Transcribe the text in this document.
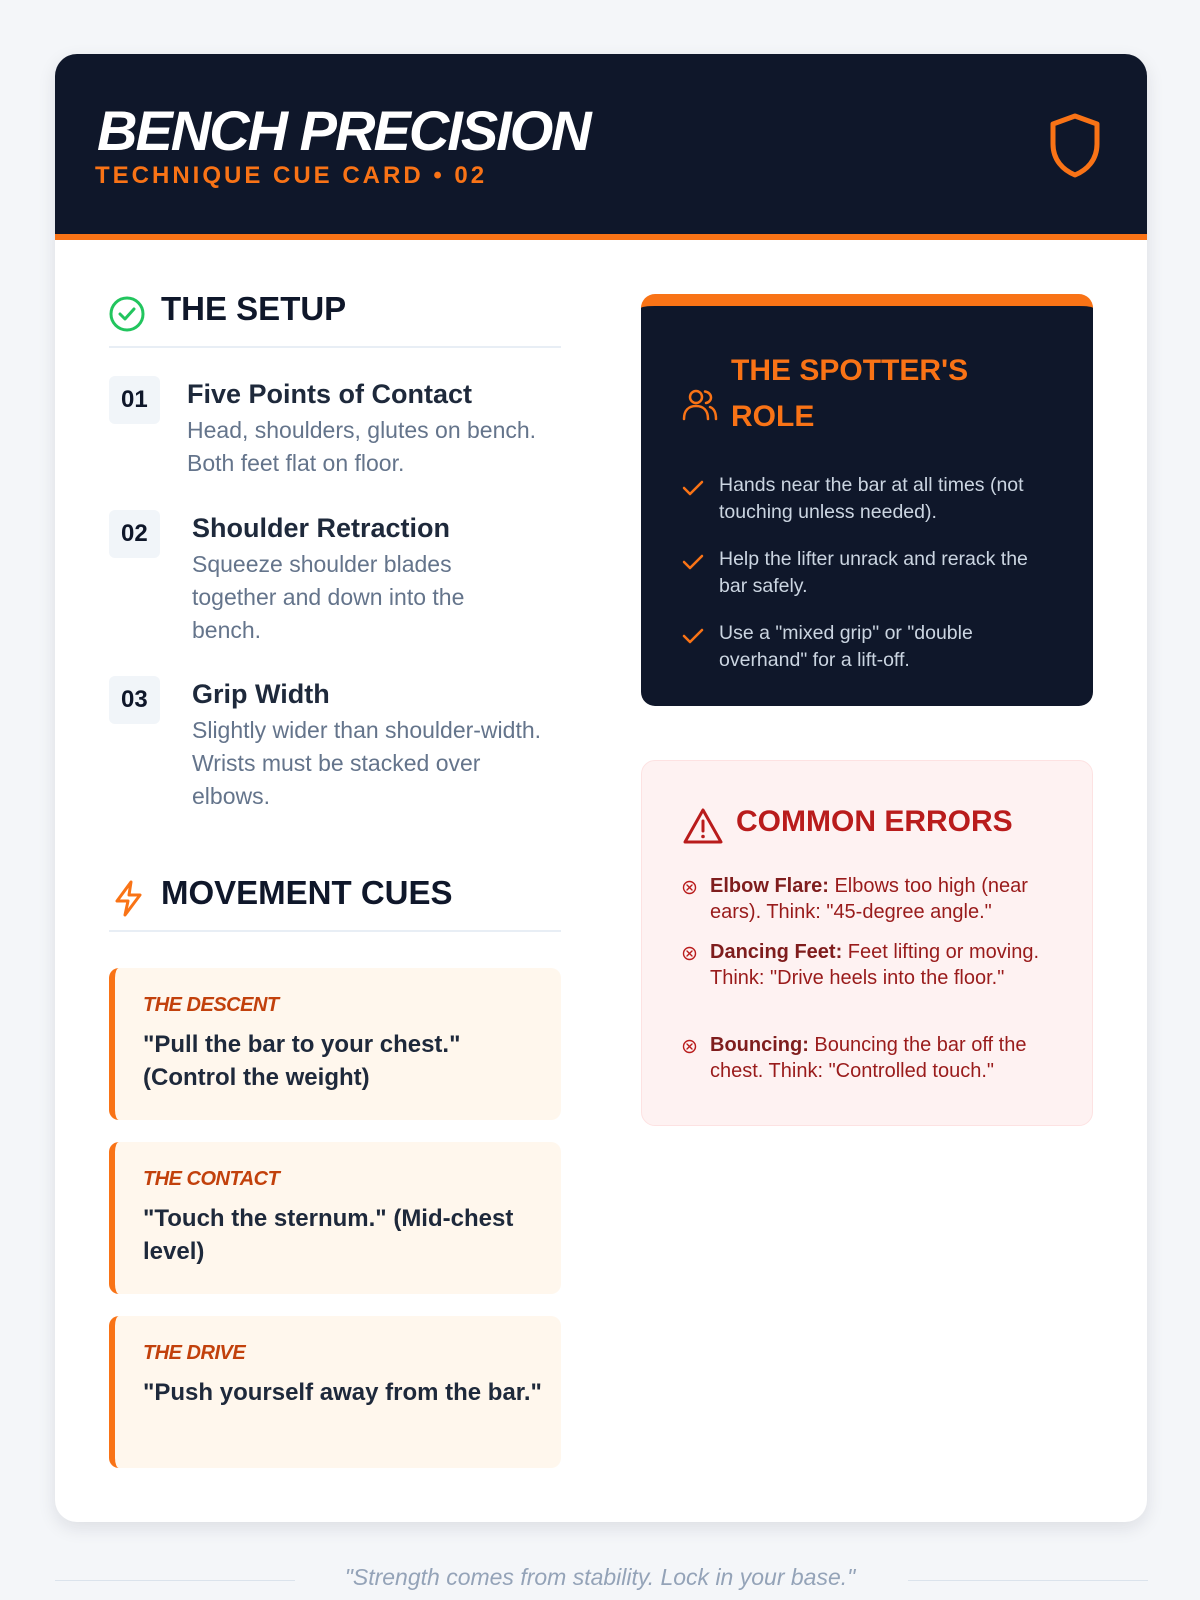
BENCH PRECISION
TECHNIQUE CUE CARD • 02
THE SETUP
01	Five Points of Contact
Head, shoulders, glutes on bench. Both feet flat on floor.
02	Shoulder Retraction
Squeeze shoulder blades together and down into the bench.
03	Grip Width
Slightly wider than shoulder-width. Wrists must be stacked over elbows.
MOVEMENT CUES
THE DESCENT
"Pull the bar to your chest." (Control the weight)
THE CONTACT
"Touch the sternum." (Mid-chest level)
THE DRIVE
"Push yourself away from the bar."
THE SPOTTER'S ROLE
Hands near the bar at all times (not touching unless needed).
Help the lifter unrack and rerack the bar safely.
Use a "mixed grip" or "double overhand" for a lift-off.
COMMON ERRORS
Elbow Flare: Elbows too high (near ears). Think: "45-degree angle."
Dancing Feet: Feet lifting or moving. Think: "Drive heels into the floor."
Bouncing: Bouncing the bar off the chest. Think: "Controlled touch."
"Strength comes from stability. Lock in your base."
